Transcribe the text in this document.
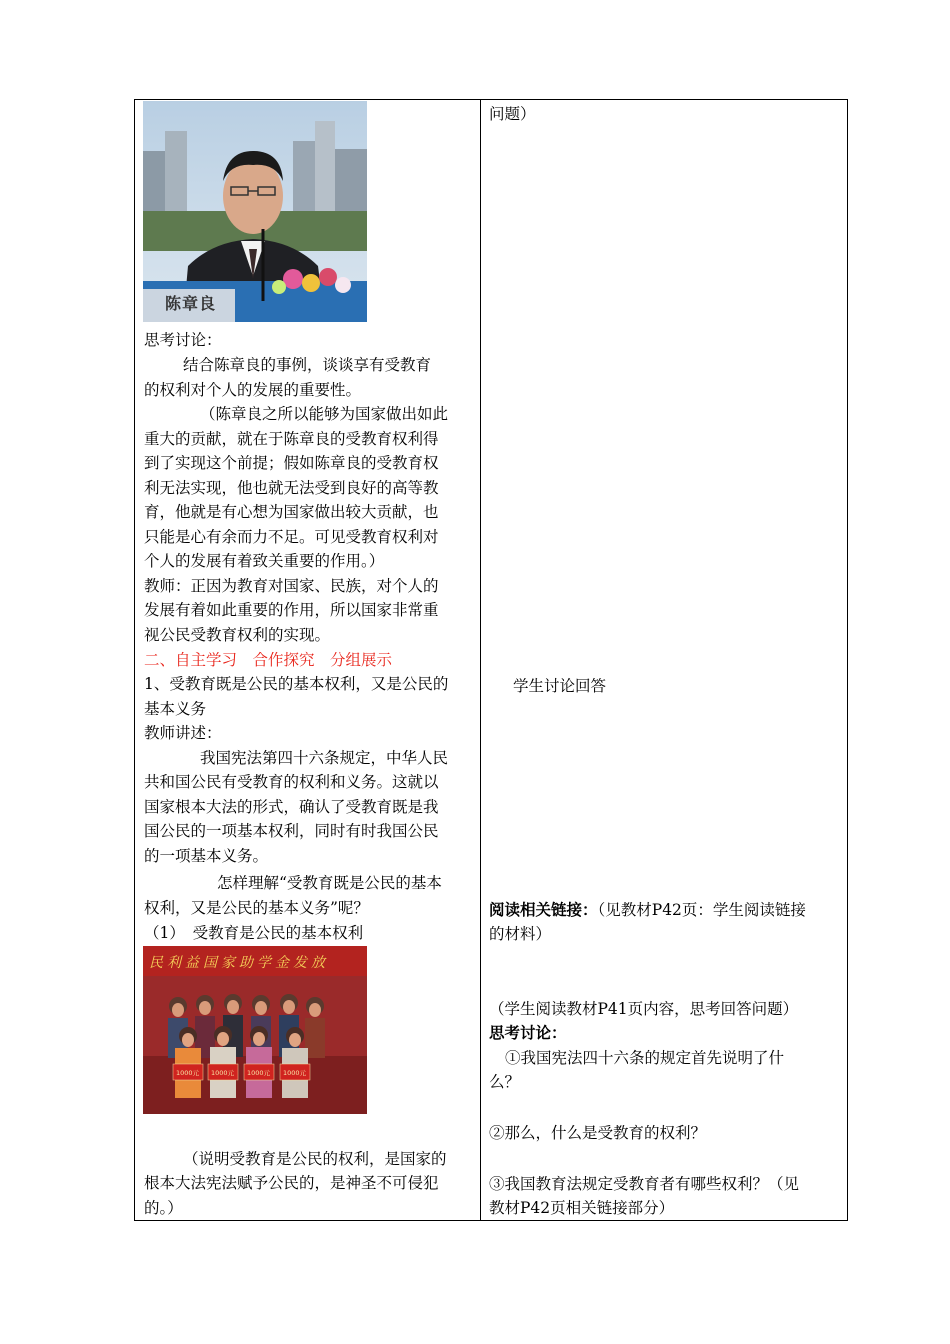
陈章良
思考讨论：
结合陈章良的事例，谈谈享有受教育
的权利对个人的发展的重要性。
（陈章良之所以能够为国家做出如此
重大的贡献，就在于陈章良的受教育权利得
到了实现这个前提；假如陈章良的受教育权
利无法实现，他也就无法受到良好的高等教
育，他就是有心想为国家做出较大贡献，也
只能是心有余而力不足。可见受教育权利对
个人的发展有着致关重要的作用。）
教师：正因为教育对国家、民族，对个人的
发展有着如此重要的作用，所以国家非常重
视公民受教育权利的实现。
二、自主学习　合作探究　分组展示
1、受教育既是公民的基本权利，又是公民的
基本义务
教师讲述：
我国宪法第四十六条规定，中华人民
共和国公民有受教育的权利和义务。这就以
国家根本大法的形式，确认了受教育既是我
国公民的一项基本权利，同时有时我国公民
的一项基本义务。
怎样理解“受教育既是公民的基本
权利，又是公民的基本义务”呢？
（1）　受教育是公民的基本权利
1000元 1000元 1000元 1000元
民利益国家助学金发放
（说明受教育是公民的权利，是国家的
根本大法宪法赋予公民的，是神圣不可侵犯
的。）
问题）
学生讨论回答
阅读相关链接：（见教材P42页：学生阅读链接
的材料）
（学生阅读教材P41页内容，思考回答问题）
思考讨论：
①我国宪法四十六条的规定首先说明了什
么？
②那么，什么是受教育的权利？
③我国教育法规定受教育者有哪些权利？（见
教材P42页相关链接部分）
